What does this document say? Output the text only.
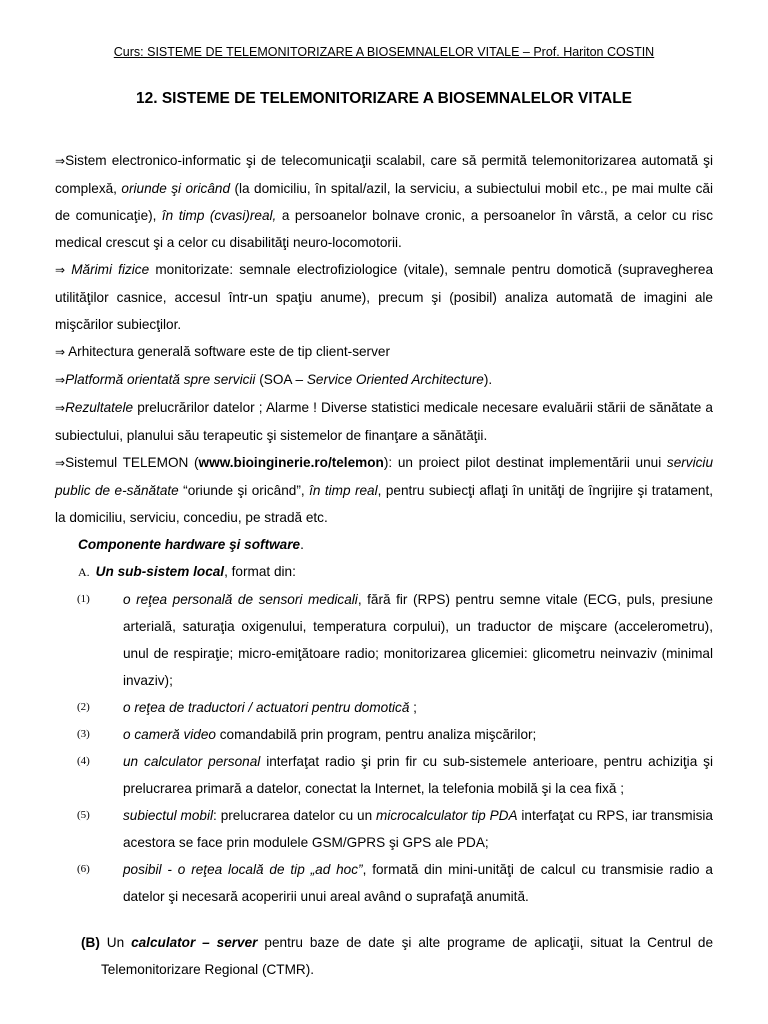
Curs: SISTEME DE TELEMONITORIZARE A BIOSEMNALELOR VITALE – Prof. Hariton COSTIN
12. SISTEME DE TELEMONITORIZARE A BIOSEMNALELOR VITALE

⇒Sistem electronico-informatic şi de telecomunicaţii scalabil, care să permită telemonitorizarea automată şi complexă, oriunde şi oricând (la domiciliu, în spital/azil, la serviciu, a subiectului mobil etc., pe mai multe căi de comunicaţie), în timp (cvasi)real, a persoanelor bolnave cronic, a persoanelor în vârstă, a celor cu risc medical crescut şi a celor cu disabilităţi neuro-locomotorii.

⇒ Mărimi fizice monitorizate: semnale electrofiziologice (vitale), semnale pentru domotică (supravegherea utilităţilor casnice, accesul într-un spaţiu anume), precum şi (posibil) analiza automată de imagini ale mişcărilor subiecţilor.

⇒ Arhitectura generală software este de tip client-server

⇒Platformă orientată spre servicii (SOA – Service Oriented Architecture).

⇒Rezultatele prelucrărilor datelor ; Alarme ! Diverse statistici medicale necesare evaluării stării de sănătate a subiectului, planului său terapeutic şi sistemelor de finanţare a sănătăţii.

⇒Sistemul TELEMON (www.bioinginerie.ro/telemon): un proiect pilot destinat implementării unui serviciu public de e-sănătate “oriunde şi oricând”, în timp real, pentru subiecţi aflaţi în unităţi de îngrijire şi tratament, la domiciliu, serviciu, concediu, pe stradă etc.

Componente hardware şi software.

A. Un sub-sistem local, format din:

(1) o reţea personală de sensori medicali, fără fir (RPS) pentru semne vitale (ECG, puls, presiune arterială, saturaţia oxigenului, temperatura corpului), un traductor de mişcare (accelerometru), unul de respiraţie; micro-emiţătoare radio; monitorizarea glicemiei: glicometru neinvaziv (minimal invaziv);
(2) o reţea de traductori / actuatori pentru domotică ;
(3) o cameră video comandabilă prin program, pentru analiza mişcărilor;
(4) un calculator personal interfaţat radio şi prin fir cu sub-sistemele anterioare, pentru achiziţia şi prelucrarea primară a datelor, conectat la Internet, la telefonia mobilă şi la cea fixă ;
(5) subiectul mobil: prelucrarea datelor cu un microcalculator tip PDA interfaţat cu RPS, iar transmisia acestora se face prin modulele GSM/GPRS şi GPS ale PDA;
(6) posibil - o reţea locală de tip „ad hoc”, formată din mini-unităţi de calcul cu transmisie radio a datelor şi necesară acoperirii unui areal având o suprafaţă anumită.

(B) Un calculator – server pentru baze de date şi alte programe de aplicaţii, situat la Centrul de Telemonitorizare Regional (CTMR).
